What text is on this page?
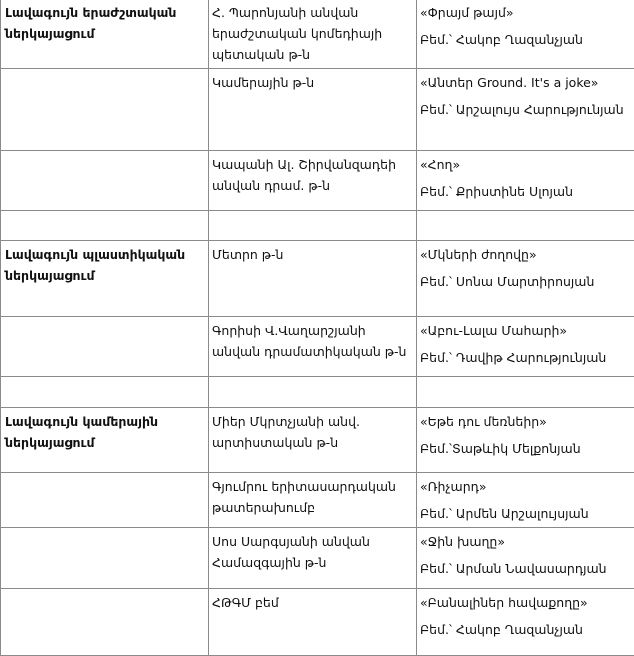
Լավագույն երաժշտական ներկայացում	Հ. Պարոնյանի անվան երաժշտական կոմեդիայի պետական թ-ն	«Փրայմ թայմ»
Բեմ.՝ Հակոբ Ղազանչյան

	Կամերային թ-ն	«Անտեր Ground. It's a joke»
Բեմ.՝ Արշալույս Հարությունյան

	Կապանի Ալ. Շիրվանզադեի անվան դրամ. թ-ն	«Հող»
Բեմ.՝ Քրիստինե Սլոյան

Լավագույն պլաստիկական ներկայացում	Մետրո թ-ն	«Մկների ժողովը»
Բեմ.՝ Սոնա Մարտիրոսյան

	Գորիսի Վ.Վաղարշյանի անվան դրամատիկական թ-ն	«Աբու-Լալա Մահարի»
Բեմ.՝ Դավիթ Հարությունյան

Լավագույն կամերային ներկայացում	Միեր Մկրտչյանի անվ. արտիստական թ-ն	«Եթե դու մեռնեիր»
Բեմ.՝Տաթևիկ Մելքոնյան

	Գյումրու երիտասարդական թատերախումբ	«Ռիչարդ»
Բեմ.՝ Արմեն Արշալույսյան

	Սոս Սարգսյանի անվան Համազգային թ-ն	«Ջին խաղը»
Բեմ.՝ Արման Նավասարդյան

	ՀԹԳՄ բեմ	«Բանալիներ hավաքողը»
Բեմ.՝ Հակոբ Ղազանչյան
